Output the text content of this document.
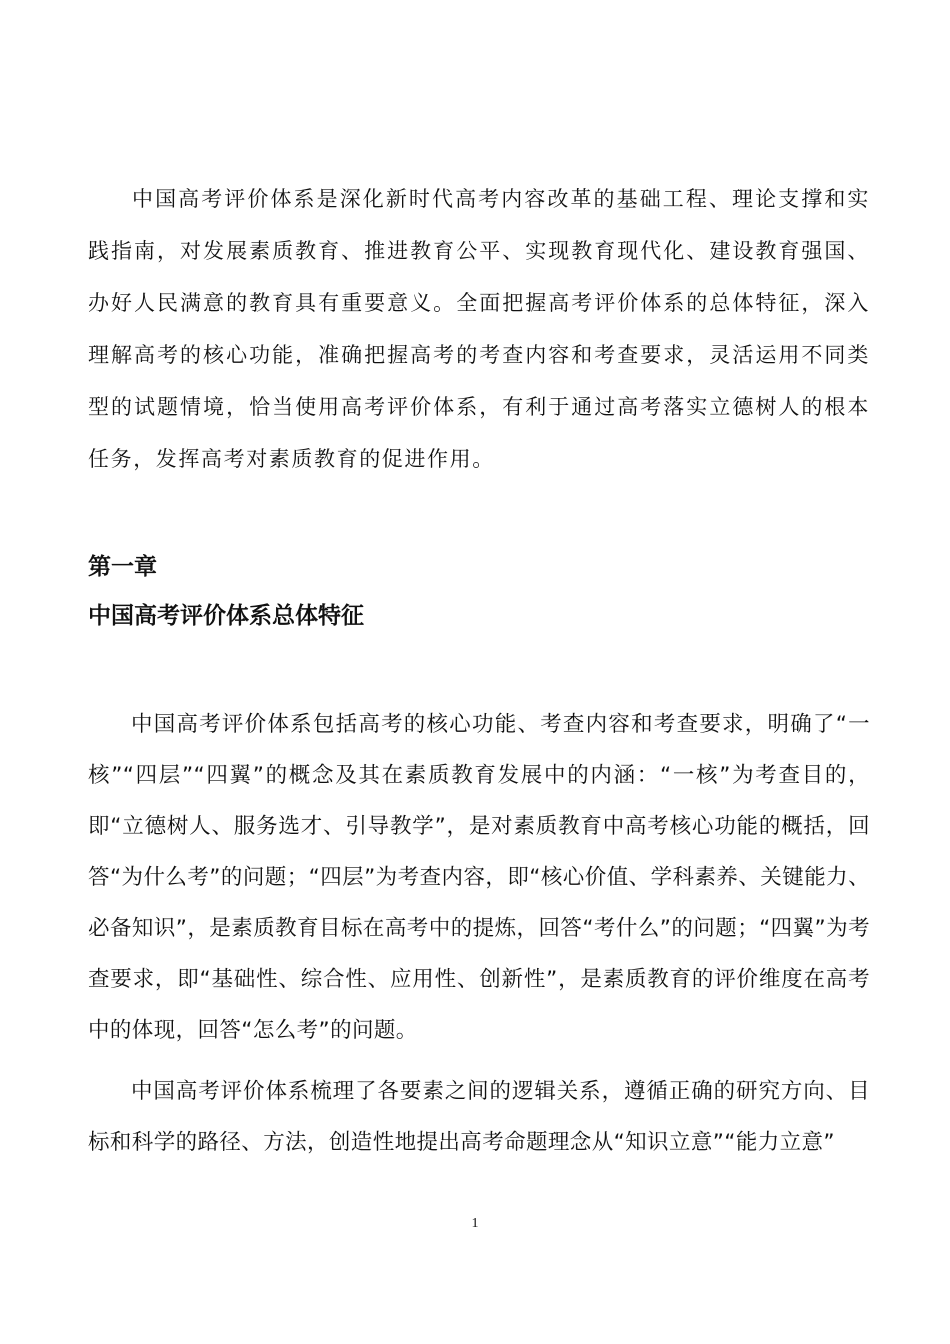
中国高考评价体系是深化新时代高考内容改革的基础工程、理论支撑和实践指南，对发展素质教育、推进教育公平、实现教育现代化、建设教育强国、办好人民满意的教育具有重要意义。全面把握高考评价体系的总体特征，深入理解高考的核心功能，准确把握高考的考查内容和考查要求，灵活运用不同类型的试题情境，恰当使用高考评价体系，有利于通过高考落实立德树人的根本任务，发挥高考对素质教育的促进作用。

第一章
中国高考评价体系总体特征

中国高考评价体系包括高考的核心功能、考查内容和考查要求，明确了“一核”“四层”“四翼”的概念及其在素质教育发展中的内涵：“一核”为考查目的，即“立德树人、服务选才、引导教学”，是对素质教育中高考核心功能的概括，回答“为什么考”的问题；“四层”为考查内容，即“核心价值、学科素养、关键能力、必备知识”，是素质教育目标在高考中的提炼，回答“考什么”的问题；“四翼”为考查要求，即“基础性、综合性、应用性、创新性”，是素质教育的评价维度在高考中的体现，回答“怎么考”的问题。

中国高考评价体系梳理了各要素之间的逻辑关系，遵循正确的研究方向、目标和科学的路径、方法，创造性地提出高考命题理念从“知识立意”“能力立意”

1
